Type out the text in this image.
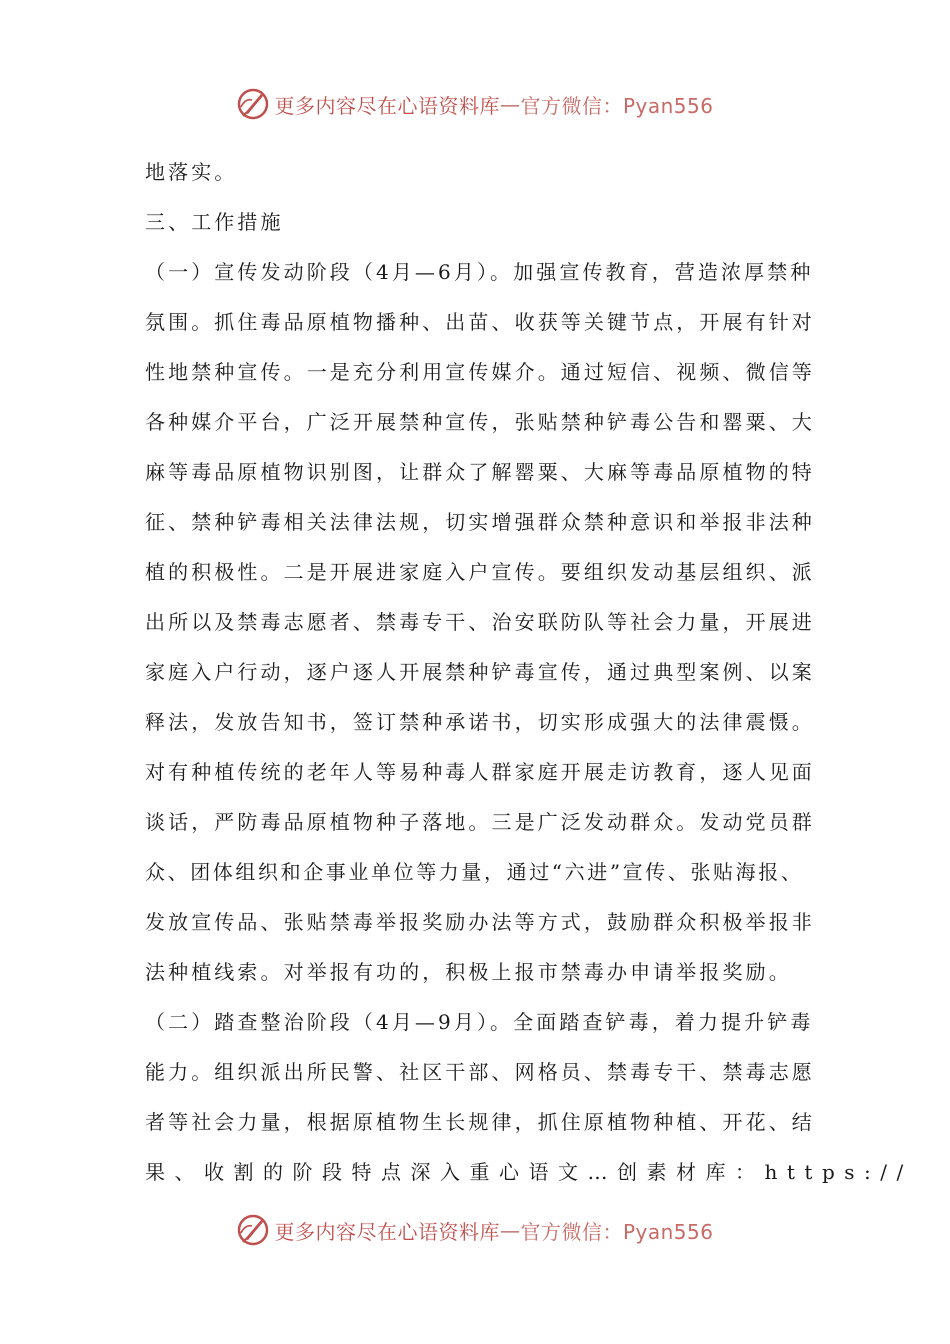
更多内容尽在心语资料库 — 官方微信：Pyan556
地落实。
三、工作措施
（一）宣传发动阶段（4月—6月）。加强宣传教育，营造浓厚禁种
氛围。抓住毒品原植物播种、出苗、收获等关键节点，开展有针对
性地禁种宣传。一是充分利用宣传媒介。通过短信、视频、微信等
各种媒介平台，广泛开展禁种宣传，张贴禁种铲毒公告和罂粟、大
麻等毒品原植物识别图，让群众了解罂粟、大麻等毒品原植物的特
征、禁种铲毒相关法律法规，切实增强群众禁种意识和举报非法种
植的积极性。二是开展进家庭入户宣传。要组织发动基层组织、派
出所以及禁毒志愿者、禁毒专干、治安联防队等社会力量，开展进
家庭入户行动，逐户逐人开展禁种铲毒宣传，通过典型案例、以案
释法，发放告知书，签订禁种承诺书，切实形成强大的法律震慑。
对有种植传统的老年人等易种毒人群家庭开展走访教育，逐人见面
谈话，严防毒品原植物种子落地。三是广泛发动群众。发动党员群
众、团体组织和企事业单位等力量，通过“六进”宣传、张贴海报、
发放宣传品、张贴禁毒举报奖励办法等方式，鼓励群众积极举报非
法种植线索。对举报有功的，积极上报市禁毒办申请举报奖励。
（二）踏查整治阶段（4月—9月）。全面踏查铲毒，着力提升铲毒
能力。组织派出所民警、社区干部、网格员、禁毒专干、禁毒志愿
者等社会力量，根据原植物生长规律，抓住原植物种植、开花、结
果、收割的阶段特点深入重心语文…创素材库：https://
更多内容尽在心语资料库 — 官方微信：Pyan556
